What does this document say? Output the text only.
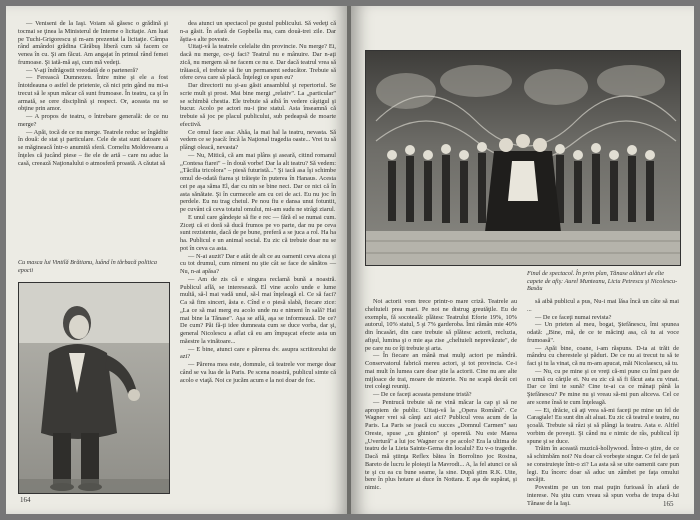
— Veniseni de la Iaşi. Voiam să găsesc o grădină şi tocmai se ţinea la Ministerul de Interne o licitaţie. Am luat pe Tuchi-Grigorescu şi m-am prezentat la licitaţie. Câmpa rând amândoi grădina Cărăbuş liberă cum să facem ce venea în cu. Şi am făcut. Am angajat în primul rând femei frumoase. Şi iată-mă aşi, cum mă vedeţi.

— V-aţi îndrăgostit vreodată de o parteneră?

— Fereascã Dumnezeu. Între mine şi ele a fost întotdeauna o astfel de prietenie, că nici prin gând nu mi-a trecut să le spun măcar că sunt frumoase. În teatru, ca şi în armată, se cere disciplină şi respect. Or, aceasta nu se obţine prin amor.

— A propos de teatru, o întrebare generală: de ce nu merge?

— Apăi, tocă de ce nu merge. Teatrele reduc se îngădite în două: de stat şi particulare. Cele de stat sunt datoare să se măgineacă într-o anumită sferă. Corneliu Moldoveanu a înţeles că jucând piese – fie ele de artă – care nu aduc la casă, creează Naţionalului o atmosferă proastă. A căutat să

Cu masca lui Vintilă Brătianu, luând în tărbacă politica epocii

dea atunci un spectacol pe gustul publicului. Să vedeţi că n-a găsit. În afară de Gopbella ma, cam douã-trei zile. Dar ăştia-s alte poveste.

Uitaţi-vă la teatrele celelalte din provincie. Nu merge? Ei, dacă nu merge, ce-ţi faci? Teatrul nu e mânuire. Dar n-aţi zică, nu mergem să ne facem ce nu e. Dar dacă teatrul vrea să trăiască, el trebuie să fie un permanent seducător. Trebuie să ofere ceva care să placă. Înţelegi ce spun eu?

Dar directorii nu şi-au găsit ansamblul şi repertoriul. Se scrie mult şi prost. Mai bine mergi „relativ". La „particular" se schimbă chestia. Ele trebuie să aibă în vedere câştigul şi bucur. Acolo pe actori nu-i ţine statul. Asta înseamnă că trebuie să joc pe placul publicului, sub pedeapsă de moarte efectivă.

Ce omul face asa: Ahăa, la mai hal la teatru, nevasta. Să vedem ce se joacă: încă la Naţional tragedia oaste... Vrei tu să plângi oleacă, nevasta?

— Nu, Mitică, că am mai plâns şi aseară, citind romanul „Contesa fiarei" – în două vorbe! Dar la alt teatru? Să vedem: „Tăcilia tricolora" – piesă futuristă..." Şi iacă asa îşi schimbe omul de-odată fiarea şi trăieşte în puterea în Hanaus. Acesta cei pe aşa săma El, dar cu nin se bine neci. Dar ce nici că în asta sănătate. Şi în curmecele am cu cei de aci. Eu nu joc în perdele. Eu nu trag cheiul. Pe nou fiu e dansa unui fotuntit, pe cuvânt că ceva totatul omului, mi-am sudu ne strâgi ziarul.

E unul care gândeşte să fie e rec — fără el se numai cum. Ziceţi că ei doră să ducă frumos pe vo parte, dar nu pe ceva sunt rezistente, dacă de pe bune, preferă a se juca a rol. Ha ha ha. Publicul e un animal social. Eu zic că trebuie doar nu se pot în ceva ca asta.

— N-ai auzit? Dar e atât de alt ce au oamenii ceva aicea şi cu tot drumul, cum nimeni nu ştie cât se face de sănătos — Nu, n-ai apăsa?

— Am de zis că e singura reclamă bună a noastră. Publicul află, se interesează. El vine acolo unde e lume multă, să-l mai vadă unul, să-l mai înţeleagă el. Ce să faci? Ca să fim sinceri, ăsta e. Cînd e o piesă slabă, fiecare zice: „La ce să mai merg eu acolo unde nu e nimeni în sală? Hai mai bine la Tănase". Aşa se află, aşa se informează. De ce? De cum? Păi fă-ţi idee dumneata cum se duce vorba, dar şi, general Nicolescu a aflat că eu am împuşcat efecte asta un măestre la vinătoare...

— E bine, atunci care e părerea dv. asupra scriitorului de azi?

— Părerea mea este, domnule, că teatrele vor merge doar când se va lua de la Paris. Pe scena noastră, publicul simte că acolo e viaţă. Noi ce jucăm acum e la noi doar de foc.

164
Final de spectacol. În prim plan, Tănase alături de elte capete de afiş: Aurel Munteanu, Liciu Petrescu şi Nicolescu-Basău

Noi actorii vom trece printr-o mare criză. Teatrele au cheltuieli prea mari. Pe noi ne distrug greutăţile. Eu de exemplu, fă socoteală: plătesc Teatrului Eforie 19%, 10% autorul, 10% statul, 5 şi 7% garderoba. Îmi rămân mie 40% din încasări, din care trebuie să plătesc actorii, recluzia, afişul, lumina şi o mie aşa zise „cheltuieli neprevăzute", de pe care nu ce îţi trebuie şi arta.

— În fiecare an mână mai mulţi actori pe mândră. Conservatorul fabrică mereu actori, şi tot provincia. Ce-i mai mult în lumea care doar ştie la actorii. Cine nu are alte mijloace de trai, moare de mizerie. Nu ne scapă decât cei trei colegi reuniţi.

— De ce faceţi aceasta pensiune tristă?

— Pentrucă trebuie să ne vină măcar la cap şi să ne apropiem de public. Uitaţi-vă la „Opera Română". Ce Wagner vrei să cânţi azi aici? Publicul vrea acum de la Paris. La Paris se joacă cu succes „Domnul Carmen" sau Oreste, spuse „cu ghinion" şi operetă. Nu este Marea „Uvertură" a lui joc Wagner ce e pe acolo? Era la ultima de teatru de la Lieta Sainte-Gema din localul? Eu v-o tragedie. Dacă mă ştiinţa Reflex bătea în Borrolino joc Rosina, Bareto de lucru le ploieşti la Mavrodi... A, la fel atunci ce să te şi cu ea cu bune seame, la sine. După ştim R.K. Uite, bere în plus hotare ai duce în Nottara. E aşa de supărat, şi nimic.

să aibă publicul a pus, Nu-i mai lăsa încă un câte să mai ...

— De ce faceţi numai revista?

— Un prieten al meu, bogat, Ştefănescu, îmi spunea odată: „Bine, mă, de ce te măcinţi asa, că tu ai voce frumoasă".

— Apăi bine, coane, i-am răspuns. D-ta ai trăit de mândru cu cherestele şi păduri. De ce nu ai trecut tu să te faci şi tu la vinat, că nu m-am apucat, măi Nicolaescu, să tu.

— Nu, cu pe mine şi ce vreţi că-mi pune cu îmi pare de o urmă cu cărţile ei. Nu eu zic că să fi făcut asta cu vinat. Dar ce îmi te sună? Cine te-ai ca ce mânaţi până la Ştefănescu? Pe mine nu şi vreau să-mi pun altceva. Cel ce are scene însă te cum înţeleagă.

— Ei, drăcie, că aţi vrea să-mi faceţi pe mine un fel de Caragiale! Eu sunt din alt aluat. Eu zic că teatrul e teatru, nu şcoală. Trebuie să râzi și să plângi la teatru. Asta e. Altfel vorbim de poveşti. Şi când nu e nimic de râs, publicul îţi spune şi se duce.

Trăim în această muzică-hollywood. Între-o ştire, de ce să schimbăm noi? Nu doar că vorbeşte singur. Ce fel de ţară se construieşte într-o zi? La asta să se uite oamenii care pun legi. Eu încerc doar să aduc un zâmbet pe faţa omului necăjit.

Povestim pe un ton mai puţin furioasă în afară de interese. Nu ştiu cum vreau să spun vorba de trupa d-lui Tănase de la Iaşi.	165
